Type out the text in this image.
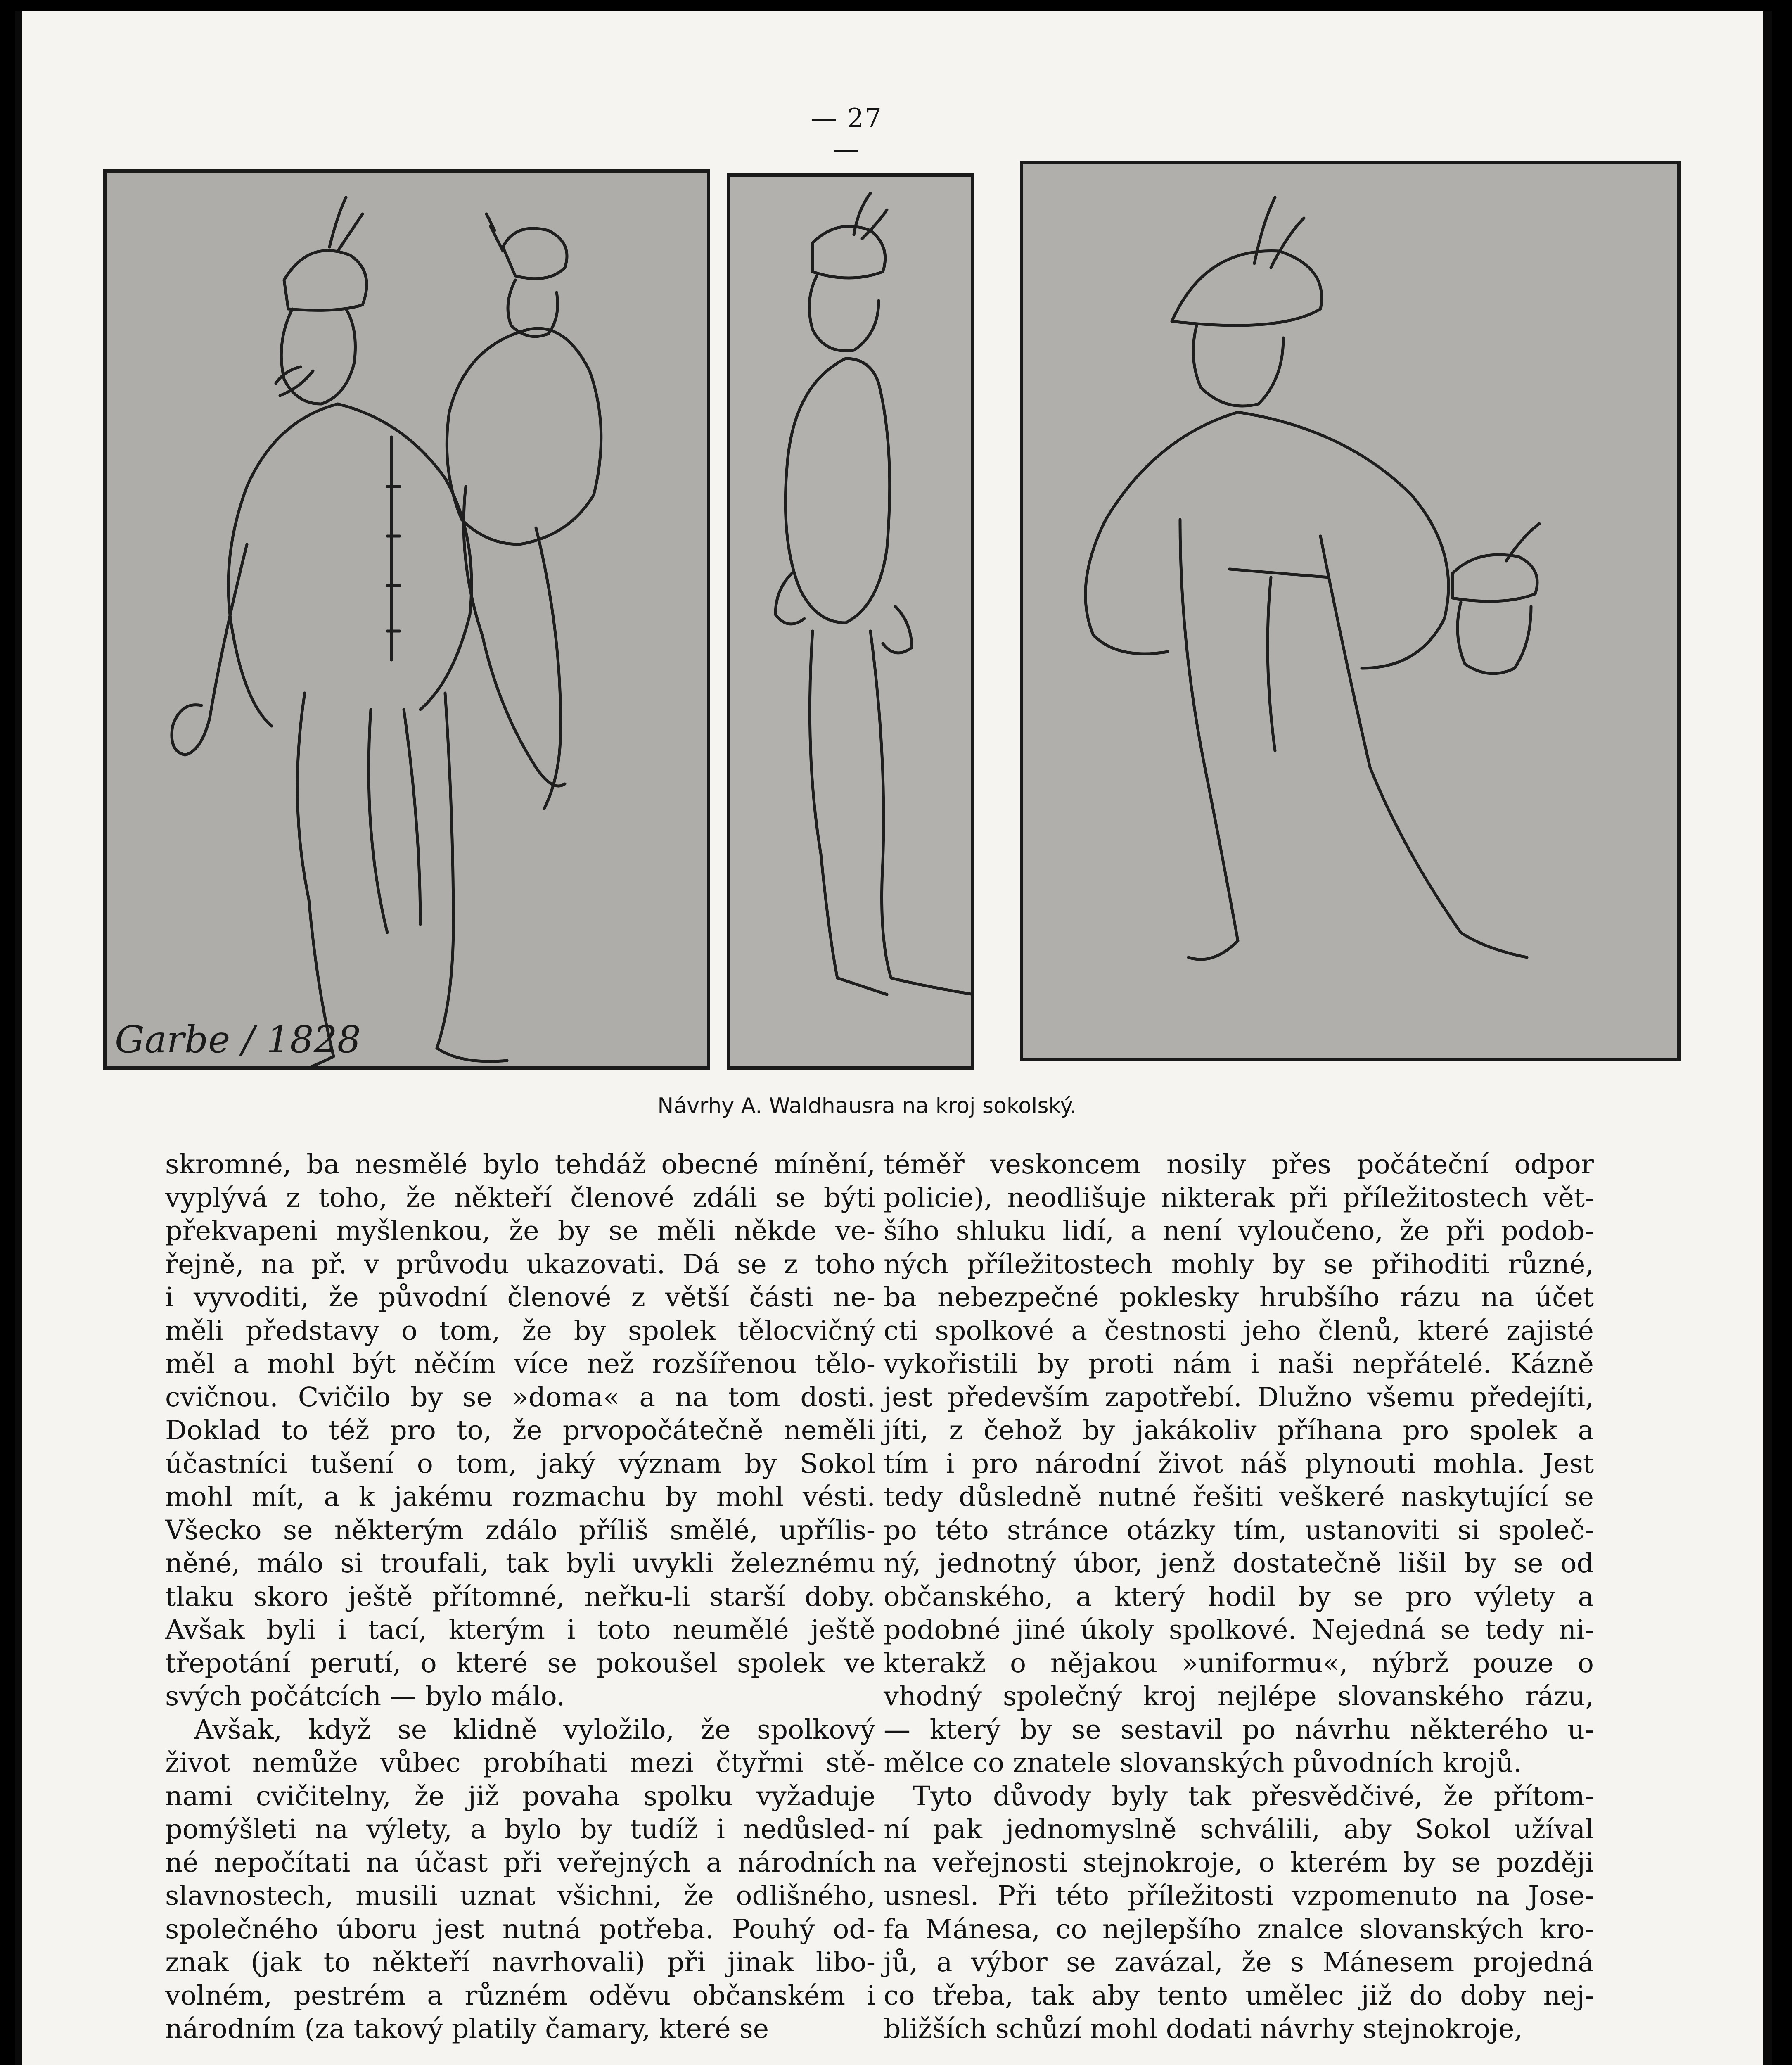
— 27 —
Garbe / 1828
Návrhy A. Waldhausra na kroj sokolský.
skromné, ba nesmělé bylo tehdáž obecné mínění,
vyplývá z toho, že někteří členové zdáli se býti
překvapeni myšlenkou, že by se měli někde ve-
řejně, na př. v průvodu ukazovati. Dá se z toho
i vyvoditi, že původní členové z větší části ne-
měli představy o tom, že by spolek tělocvičný
měl a mohl být něčím více než rozšířenou tělo-
cvičnou. Cvičilo by se »doma« a na tom dosti.
Doklad to též pro to, že prvopočátečně neměli
účastníci tušení o tom, jaký význam by Sokol
mohl mít, a k jakému rozmachu by mohl vésti.
Všecko se některým zdálo příliš smělé, upřílis-
něné, málo si troufali, tak byli uvykli železnému
tlaku skoro ještě přítomné, neřku-li starší doby.
Avšak byli i tací, kterým i toto neumělé ještě
třepotání perutí, o které se pokoušel spolek ve
svých počátcích — bylo málo.
Avšak, když se klidně vyložilo, že spolkový
život nemůže vůbec probíhati mezi čtyřmi stě-
nami cvičitelny, že již povaha spolku vyžaduje
pomýšleti na výlety, a bylo by tudíž i nedůsled-
né nepočítati na účast při veřejných a národních
slavnostech, musili uznat všichni, že odlišného,
společného úboru jest nutná potřeba. Pouhý od-
znak (jak to někteří navrhovali) při jinak libo-
volném, pestrém a různém oděvu občanském i
národním (za takový platily čamary, které se
téměř veskoncem nosily přes počáteční odpor
policie), neodlišuje nikterak při příležitostech vět-
šího shluku lidí, a není vyloučeno, že při podob-
ných příležitostech mohly by se přihoditi různé,
ba nebezpečné poklesky hrubšího rázu na účet
cti spolkové a čestnosti jeho členů, které zajisté
vykořistili by proti nám i naši nepřátelé. Kázně
jest především zapotřebí. Dlužno všemu předejíti,
jíti, z čehož by jakákoliv příhana pro spolek a
tím i pro národní život náš plynouti mohla. Jest
tedy důsledně nutné řešiti veškeré naskytující se
po této stránce otázky tím, ustanoviti si společ-
ný, jednotný úbor, jenž dostatečně lišil by se od
občanského, a který hodil by se pro výlety a
podobné jiné úkoly spolkové. Nejedná se tedy ni-
kterakž o nějakou »uniformu«, nýbrž pouze o
vhodný společný kroj nejlépe slovanského rázu,
— který by se sestavil po návrhu některého u-
mělce co znatele slovanských původních krojů.
Tyto důvody byly tak přesvědčivé, že přítom-
ní pak jednomyslně schválili, aby Sokol užíval
na veřejnosti stejnokroje, o kterém by se později
usnesl. Při této příležitosti vzpomenuto na Jose-
fa Mánesa, co nejlepšího znalce slovanských kro-
jů, a výbor se zavázal, že s Mánesem projedná
co třeba, tak aby tento umělec již do doby nej-
bližších schůzí mohl dodati návrhy stejnokroje,
